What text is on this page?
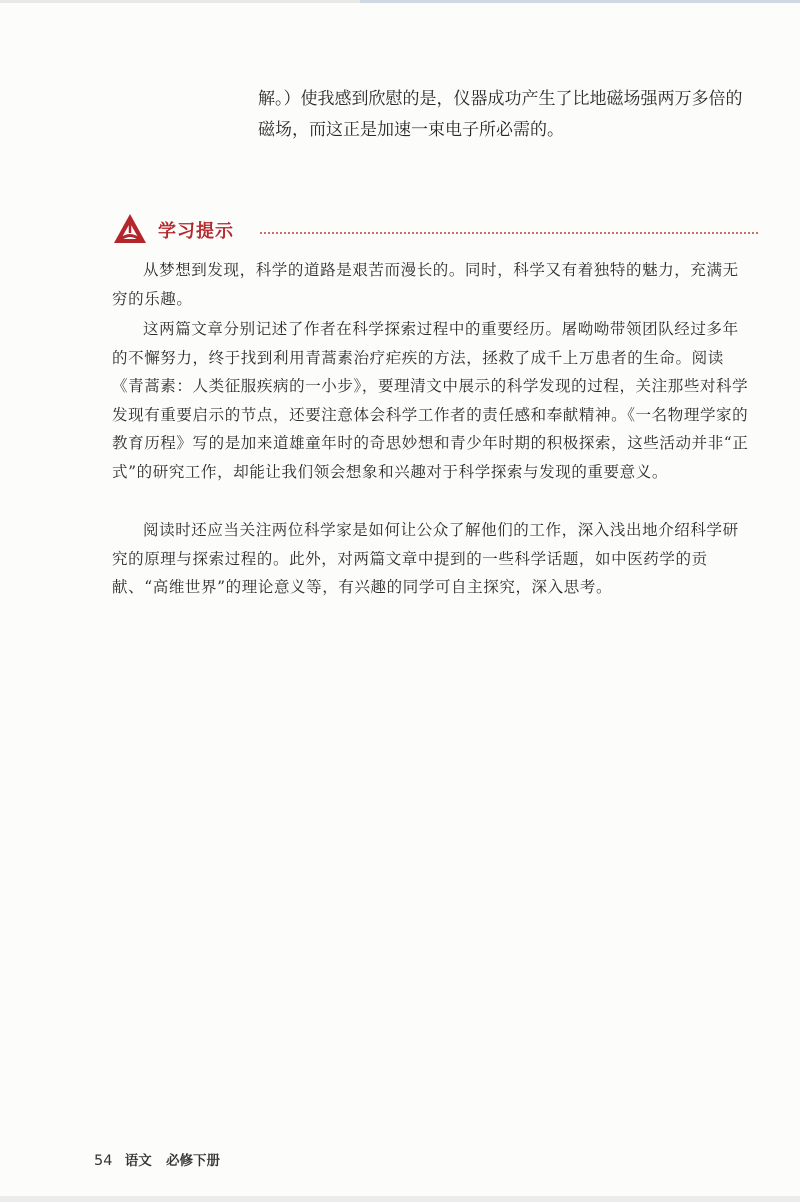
解。）使我感到欣慰的是，仪器成功产生了比地磁场强两万多倍的磁场，而这正是加速一束电子所必需的。

学习提示

从梦想到发现，科学的道路是艰苦而漫长的。同时，科学又有着独特的魅力，充满无穷的乐趣。

这两篇文章分别记述了作者在科学探索过程中的重要经历。屠呦呦带领团队经过多年的不懈努力，终于找到利用青蒿素治疗疟疾的方法，拯救了成千上万患者的生命。阅读《青蒿素：人类征服疾病的一小步》，要理清文中展示的科学发现的过程，关注那些对科学发现有重要启示的节点，还要注意体会科学工作者的责任感和奉献精神。《一名物理学家的教育历程》写的是加来道雄童年时的奇思妙想和青少年时期的积极探索，这些活动并非“正式”的研究工作，却能让我们领会想象和兴趣对于科学探索与发现的重要意义。

阅读时还应当关注两位科学家是如何让公众了解他们的工作，深入浅出地介绍科学研究的原理与探索过程的。此外，对两篇文章中提到的一些科学话题，如中医药学的贡献、“高维世界”的理论意义等，有兴趣的同学可自主探究，深入思考。

54 语文 必修下册
